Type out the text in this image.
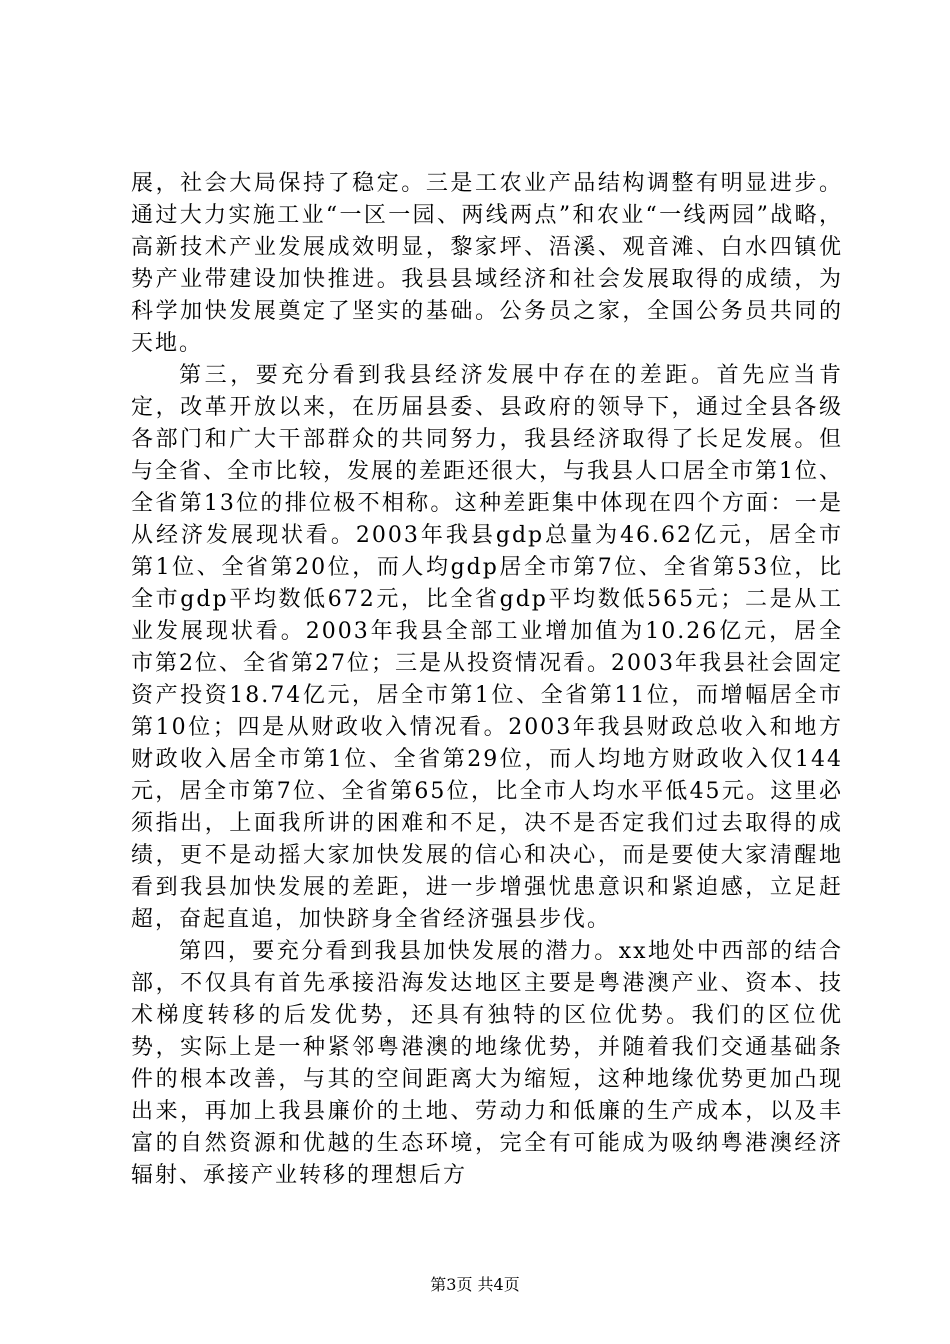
展，社会大局保持了稳定。三是工农业产品结构调整有明显进步。通过大力实施工业“一区一园、两线两点”和农业“一线两园”战略，高新技术产业发展成效明显，黎家坪、浯溪、观音滩、白水四镇优势产业带建设加快推进。我县县域经济和社会发展取得的成绩，为科学加快发展奠定了坚实的基础。公务员之家，全国公务员共同的天地。

第三，要充分看到我县经济发展中存在的差距。首先应当肯定，改革开放以来，在历届县委、县政府的领导下，通过全县各级各部门和广大干部群众的共同努力，我县经济取得了长足发展。但与全省、全市比较，发展的差距还很大，与我县人口居全市第1位、全省第13位的排位极不相称。这种差距集中体现在四个方面：一是从经济发展现状看。2003年我县gdp总量为46.62亿元，居全市第1位、全省第20位，而人均gdp居全市第7位、全省第53位，比全市gdp平均数低672元，比全省gdp平均数低565元；二是从工业发展现状看。2003年我县全部工业增加值为10.26亿元，居全市第2位、全省第27位；三是从投资情况看。2003年我县社会固定资产投资18.74亿元，居全市第1位、全省第11位，而增幅居全市第10位；四是从财政收入情况看。2003年我县财政总收入和地方财政收入居全市第1位、全省第29位，而人均地方财政收入仅144元，居全市第7位、全省第65位，比全市人均水平低45元。这里必须指出，上面我所讲的困难和不足，决不是否定我们过去取得的成绩，更不是动摇大家加快发展的信心和决心，而是要使大家清醒地看到我县加快发展的差距，进一步增强忧患意识和紧迫感，立足赶超，奋起直追，加快跻身全省经济强县步伐。

第四，要充分看到我县加快发展的潜力。xx地处中西部的结合部，不仅具有首先承接沿海发达地区主要是粤港澳产业、资本、技术梯度转移的后发优势，还具有独特的区位优势。我们的区位优势，实际上是一种紧邻粤港澳的地缘优势，并随着我们交通基础条件的根本改善，与其的空间距离大为缩短，这种地缘优势更加凸现出来，再加上我县廉价的土地、劳动力和低廉的生产成本，以及丰富的自然资源和优越的生态环境，完全有可能成为吸纳粤港澳经济辐射、承接产业转移的理想后方

第3页 共4页
